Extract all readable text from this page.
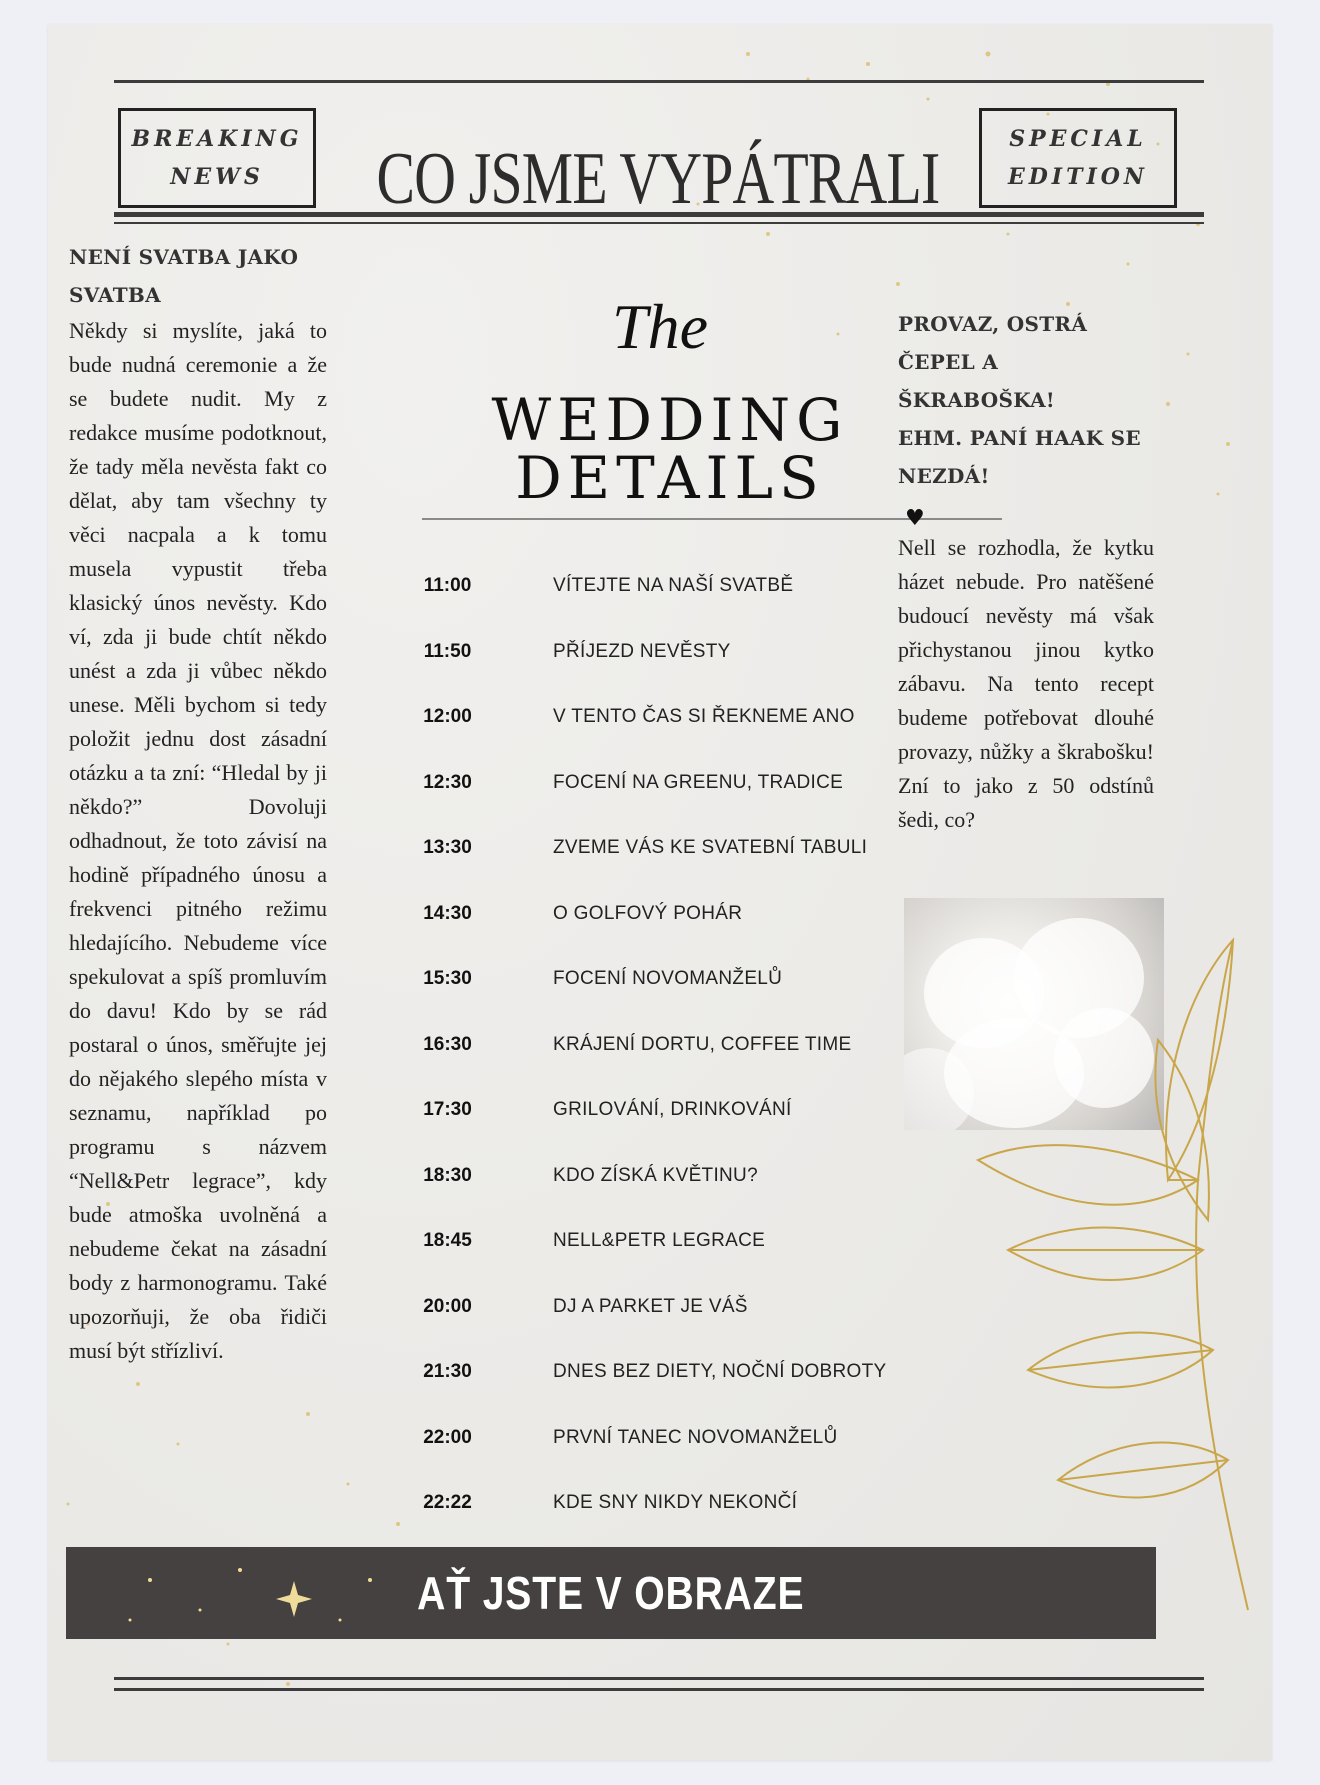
BREAKING
NEWS CO JSME VYPÁTRALI	SPECIAL
EDITION
NENÍ SVATBA JAKO
SVATBA
Někdy si myslíte, jaká to bude nudná ceremonie a že se budete nudit. My z redakce musíme podotknout, že tady měla nevěsta fakt co dělat, aby tam všechny ty věci nacpala a k tomu musela vypustit třeba klasický únos nevěsty. Kdo ví, zda ji bude chtít někdo unést a zda ji vůbec někdo unese. Měli bychom si tedy položit jednu dost zásadní otázku a ta zní: “Hledal by ji někdo?” Dovoluji odhadnout, že toto závisí na hodině případného únosu a frekvenci pitného režimu hledajícího. Nebudeme více spekulovat a spíš promluvím do davu! Kdo by se rád postaral o únos, směřujte jej do nějakého slepého místa v seznamu, například po programu s názvem “Nell&Petr legrace”, kdy bude atmoška uvolněná a nebudeme čekat na zásadní body z harmonogramu. Také upozorňuji, že oba řidiči musí být střízliví.
The
WEDDING
DETAILS
♥
11:00	VÍTEJTE NA NAŠÍ SVATBĚ
11:50	PŘÍJEZD NEVĚSTY
12:00	V TENTO ČAS SI ŘEKNEME ANO
12:30	FOCENÍ NA GREENU, TRADICE
13:30	ZVEME VÁS KE SVATEBNÍ TABULI
14:30	O GOLFOVÝ POHÁR
15:30	FOCENÍ NOVOMANŽELŮ
16:30	KRÁJENÍ DORTU, COFFEE TIME
17:30	GRILOVÁNÍ, DRINKOVÁNÍ
18:30	KDO ZÍSKÁ KVĚTINU?
18:45	NELL&PETR LEGRACE
20:00	DJ A PARKET JE VÁŠ
21:30	DNES BEZ DIETY, NOČNÍ DOBROTY
22:00	PRVNÍ TANEC NOVOMANŽELŮ
22:22	KDE SNY NIKDY NEKONČÍ
PROVAZ, OSTRÁ
ČEPEL A
ŠKRABOŠKA!
EHM. PANÍ HAAK SE
NEZDÁ!
Nell se rozhodla, že kytku házet nebude. Pro natěšené budoucí nevěsty má však přichystanou jinou kytko zábavu. Na tento recept budeme potřebovat dlouhé provazy, nůžky a škrabošku! Zní to jako z 50 odstínů šedi, co?
AŤ JSTE V OBRAZE
